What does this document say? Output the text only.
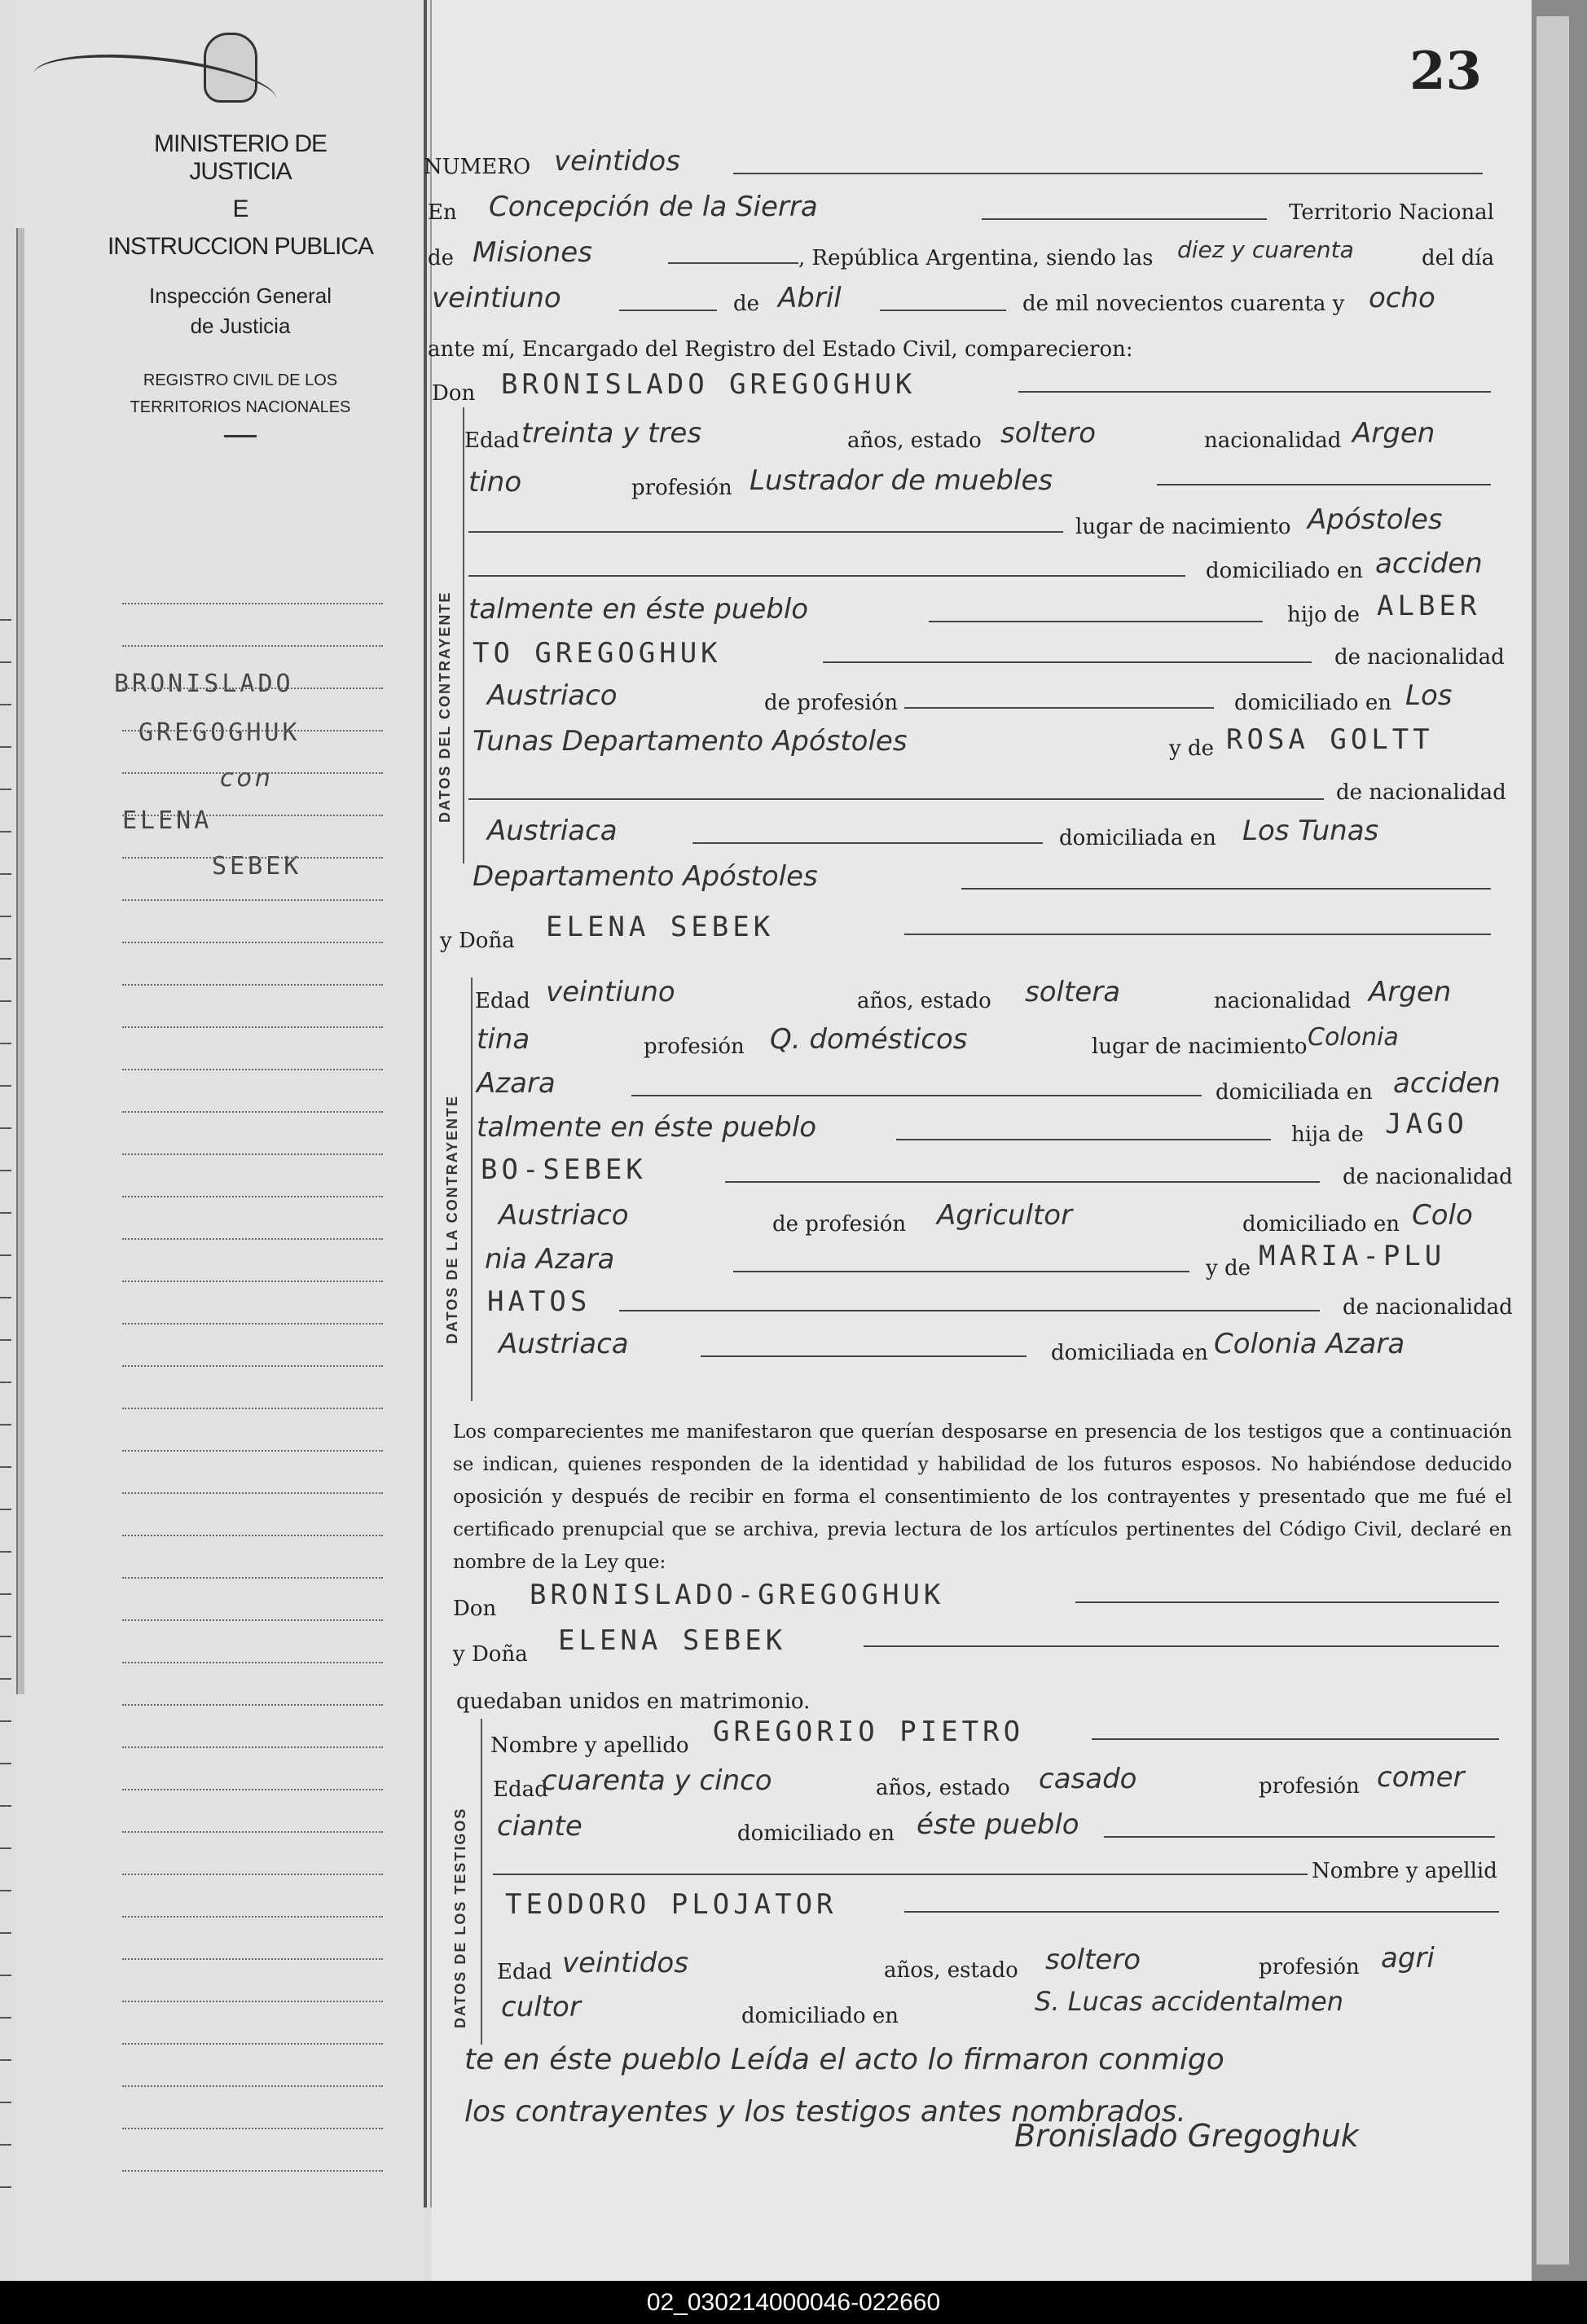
MINISTERIO DE JUSTICIA
E
INSTRUCCION PUBLICA
Inspección General
de Justicia
REGISTRO CIVIL DE LOS
TERRITORIOS NACIONALES
23
BRONISLADO
GREGOGHUK
con
ELENA
SEBEK
NUMERO veintidos
En Concepción de la Sierra	Territorio Nacional
de Misiones	, República Argentina, siendo las diez y cuarenta	del día
veintiuno	de Abril	de mil novecientos cuarenta y ocho
ante mí, Encargado del Registro del Estado Civil, comparecieron:
DATOS DEL CONTRAYENTE
Don BRONISLADO GREGOGHUK
Edad treinta y tres	años, estado soltero	nacionalidad Argen
tino	profesión Lustrador de muebles
lugar de nacimiento Apóstoles
domiciliado en acciden
talmente en éste pueblo	hijo de ALBER
TO GREGOGHUK	de nacionalidad
Austriaco	de profesión	domiciliado en Los
Tunas Departamento Apóstoles	y de ROSA GOLTT
de nacionalidad
Austriaca	domiciliada en Los Tunas
Departamento Apóstoles
y Doña ELENA SEBEK
DATOS DE LA CONTRAYENTE
Edad veintiuno	años, estado soltera	nacionalidad Argen
tina	profesión Q. domésticos	lugar de nacimiento Colonia
Azara	domiciliada en acciden
talmente en éste pueblo	hija de JAGO
BO-SEBEK	de nacionalidad
Austriaco	de profesión Agricultor	domiciliado en Colo
nia Azara	y de MARIA-PLU
HATOS	de nacionalidad
Austriaca	domiciliada en Colonia Azara
Los comparecientes me manifestaron que querían desposarse en presencia de los testigos que a continuación se indican, quienes responden de la identidad y habilidad de los futuros esposos. No habiéndose deducido oposición y después de recibir en forma el consentimiento de los contrayentes y presentado que me fué el certificado prenupcial que se archiva, previa lectura de los artículos pertinentes del Código Civil, declaré en nombre de la Ley que:
Don BRONISLADO-GREGOGHUK
y Doña ELENA SEBEK
quedaban unidos en matrimonio.
DATOS DE LOS TESTIGOS
Nombre y apellido GREGORIO PIETRO
Edad
cuarenta y cinco	años, estado casado	profesión comer
ciante	domiciliado en éste pueblo
Nombre y apellid
TEODORO PLOJATOR
Edad veintidos	años, estado soltero	profesión agri
cultor	domiciliado en	S. Lucas accidentalmen
te en éste pueblo Leída el acto lo firmaron conmigo
los contrayentes y los testigos antes nombrados.
Bronislado Gregoghuk
02_030214000046-022660
